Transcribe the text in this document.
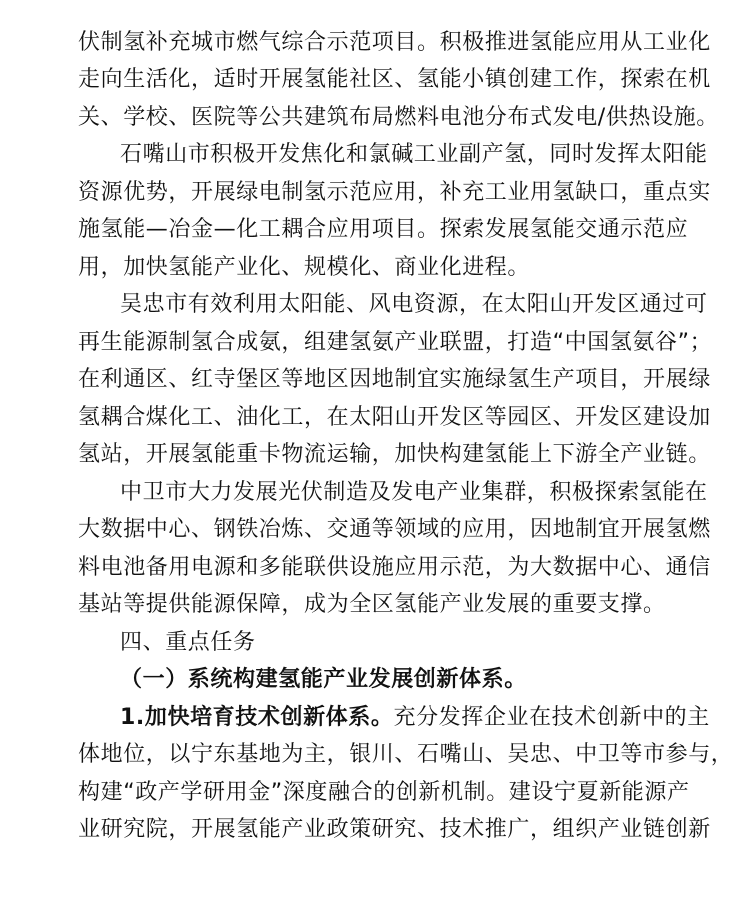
伏制氢补充城市燃气综合示范项目。积极推进氢能应用从工业化
走向生活化，适时开展氢能社区、氢能小镇创建工作，探索在机
关、学校、医院等公共建筑布局燃料电池分布式发电/供热设施。
石嘴山市积极开发焦化和氯碱工业副产氢，同时发挥太阳能
资源优势，开展绿电制氢示范应用，补充工业用氢缺口，重点实
施氢能—冶金—化工耦合应用项目。探索发展氢能交通示范应
用，加快氢能产业化、规模化、商业化进程。
吴忠市有效利用太阳能、风电资源，在太阳山开发区通过可
再生能源制氢合成氨，组建氢氨产业联盟，打造“中国氢氨谷”；
在利通区、红寺堡区等地区因地制宜实施绿氢生产项目，开展绿
氢耦合煤化工、油化工，在太阳山开发区等园区、开发区建设加
氢站，开展氢能重卡物流运输，加快构建氢能上下游全产业链。
中卫市大力发展光伏制造及发电产业集群，积极探索氢能在
大数据中心、钢铁冶炼、交通等领域的应用，因地制宜开展氢燃
料电池备用电源和多能联供设施应用示范，为大数据中心、通信
基站等提供能源保障，成为全区氢能产业发展的重要支撑。
四、重点任务
（一）系统构建氢能产业发展创新体系。
1.加快培育技术创新体系。充分发挥企业在技术创新中的主
体地位，以宁东基地为主，银川、石嘴山、吴忠、中卫等市参与，
构建“政产学研用金”深度融合的创新机制。建设宁夏新能源产
业研究院，开展氢能产业政策研究、技术推广，组织产业链创新
